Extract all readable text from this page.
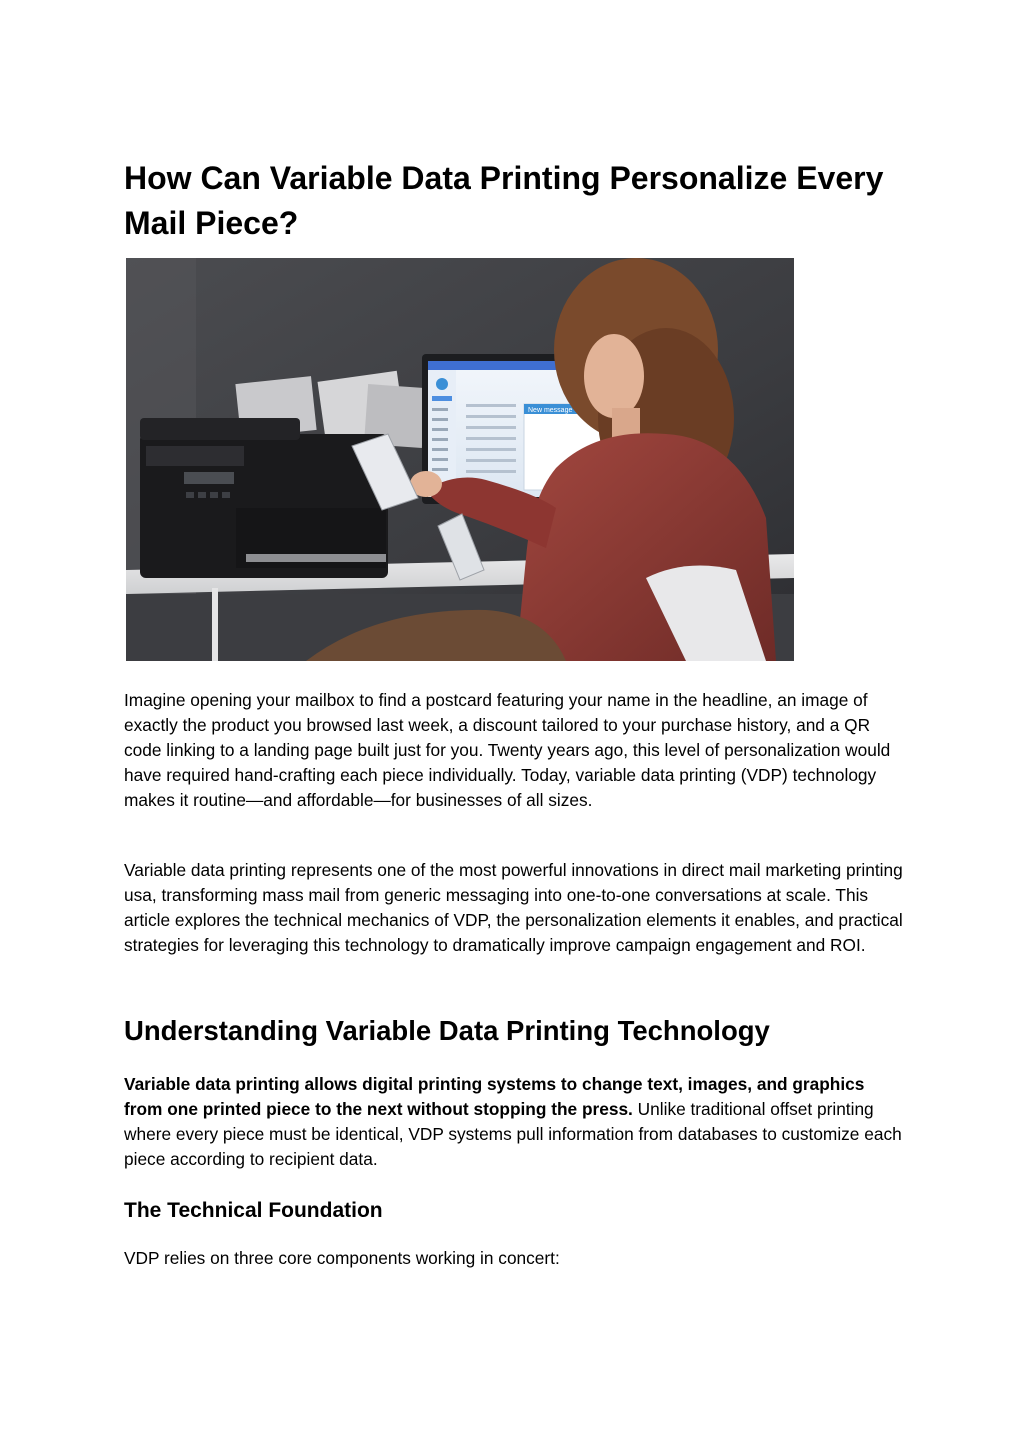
How Can Variable Data Printing Personalize Every Mail Piece?
New message

Imagine opening your mailbox to find a postcard featuring your name in the headline, an image of exactly the product you browsed last week, a discount tailored to your purchase history, and a QR code linking to a landing page built just for you. Twenty years ago, this level of personalization would have required hand-crafting each piece individually. Today, variable data printing (VDP) technology makes it routine—and affordable—for businesses of all sizes.

Variable data printing represents one of the most powerful innovations in direct mail marketing printing usa, transforming mass mail from generic messaging into one-to-one conversations at scale. This article explores the technical mechanics of VDP, the personalization elements it enables, and practical strategies for leveraging this technology to dramatically improve campaign engagement and ROI.

Understanding Variable Data Printing Technology

Variable data printing allows digital printing systems to change text, images, and graphics from one printed piece to the next without stopping the press. Unlike traditional offset printing where every piece must be identical, VDP systems pull information from databases to customize each piece according to recipient data.

The Technical Foundation

VDP relies on three core components working in concert:
